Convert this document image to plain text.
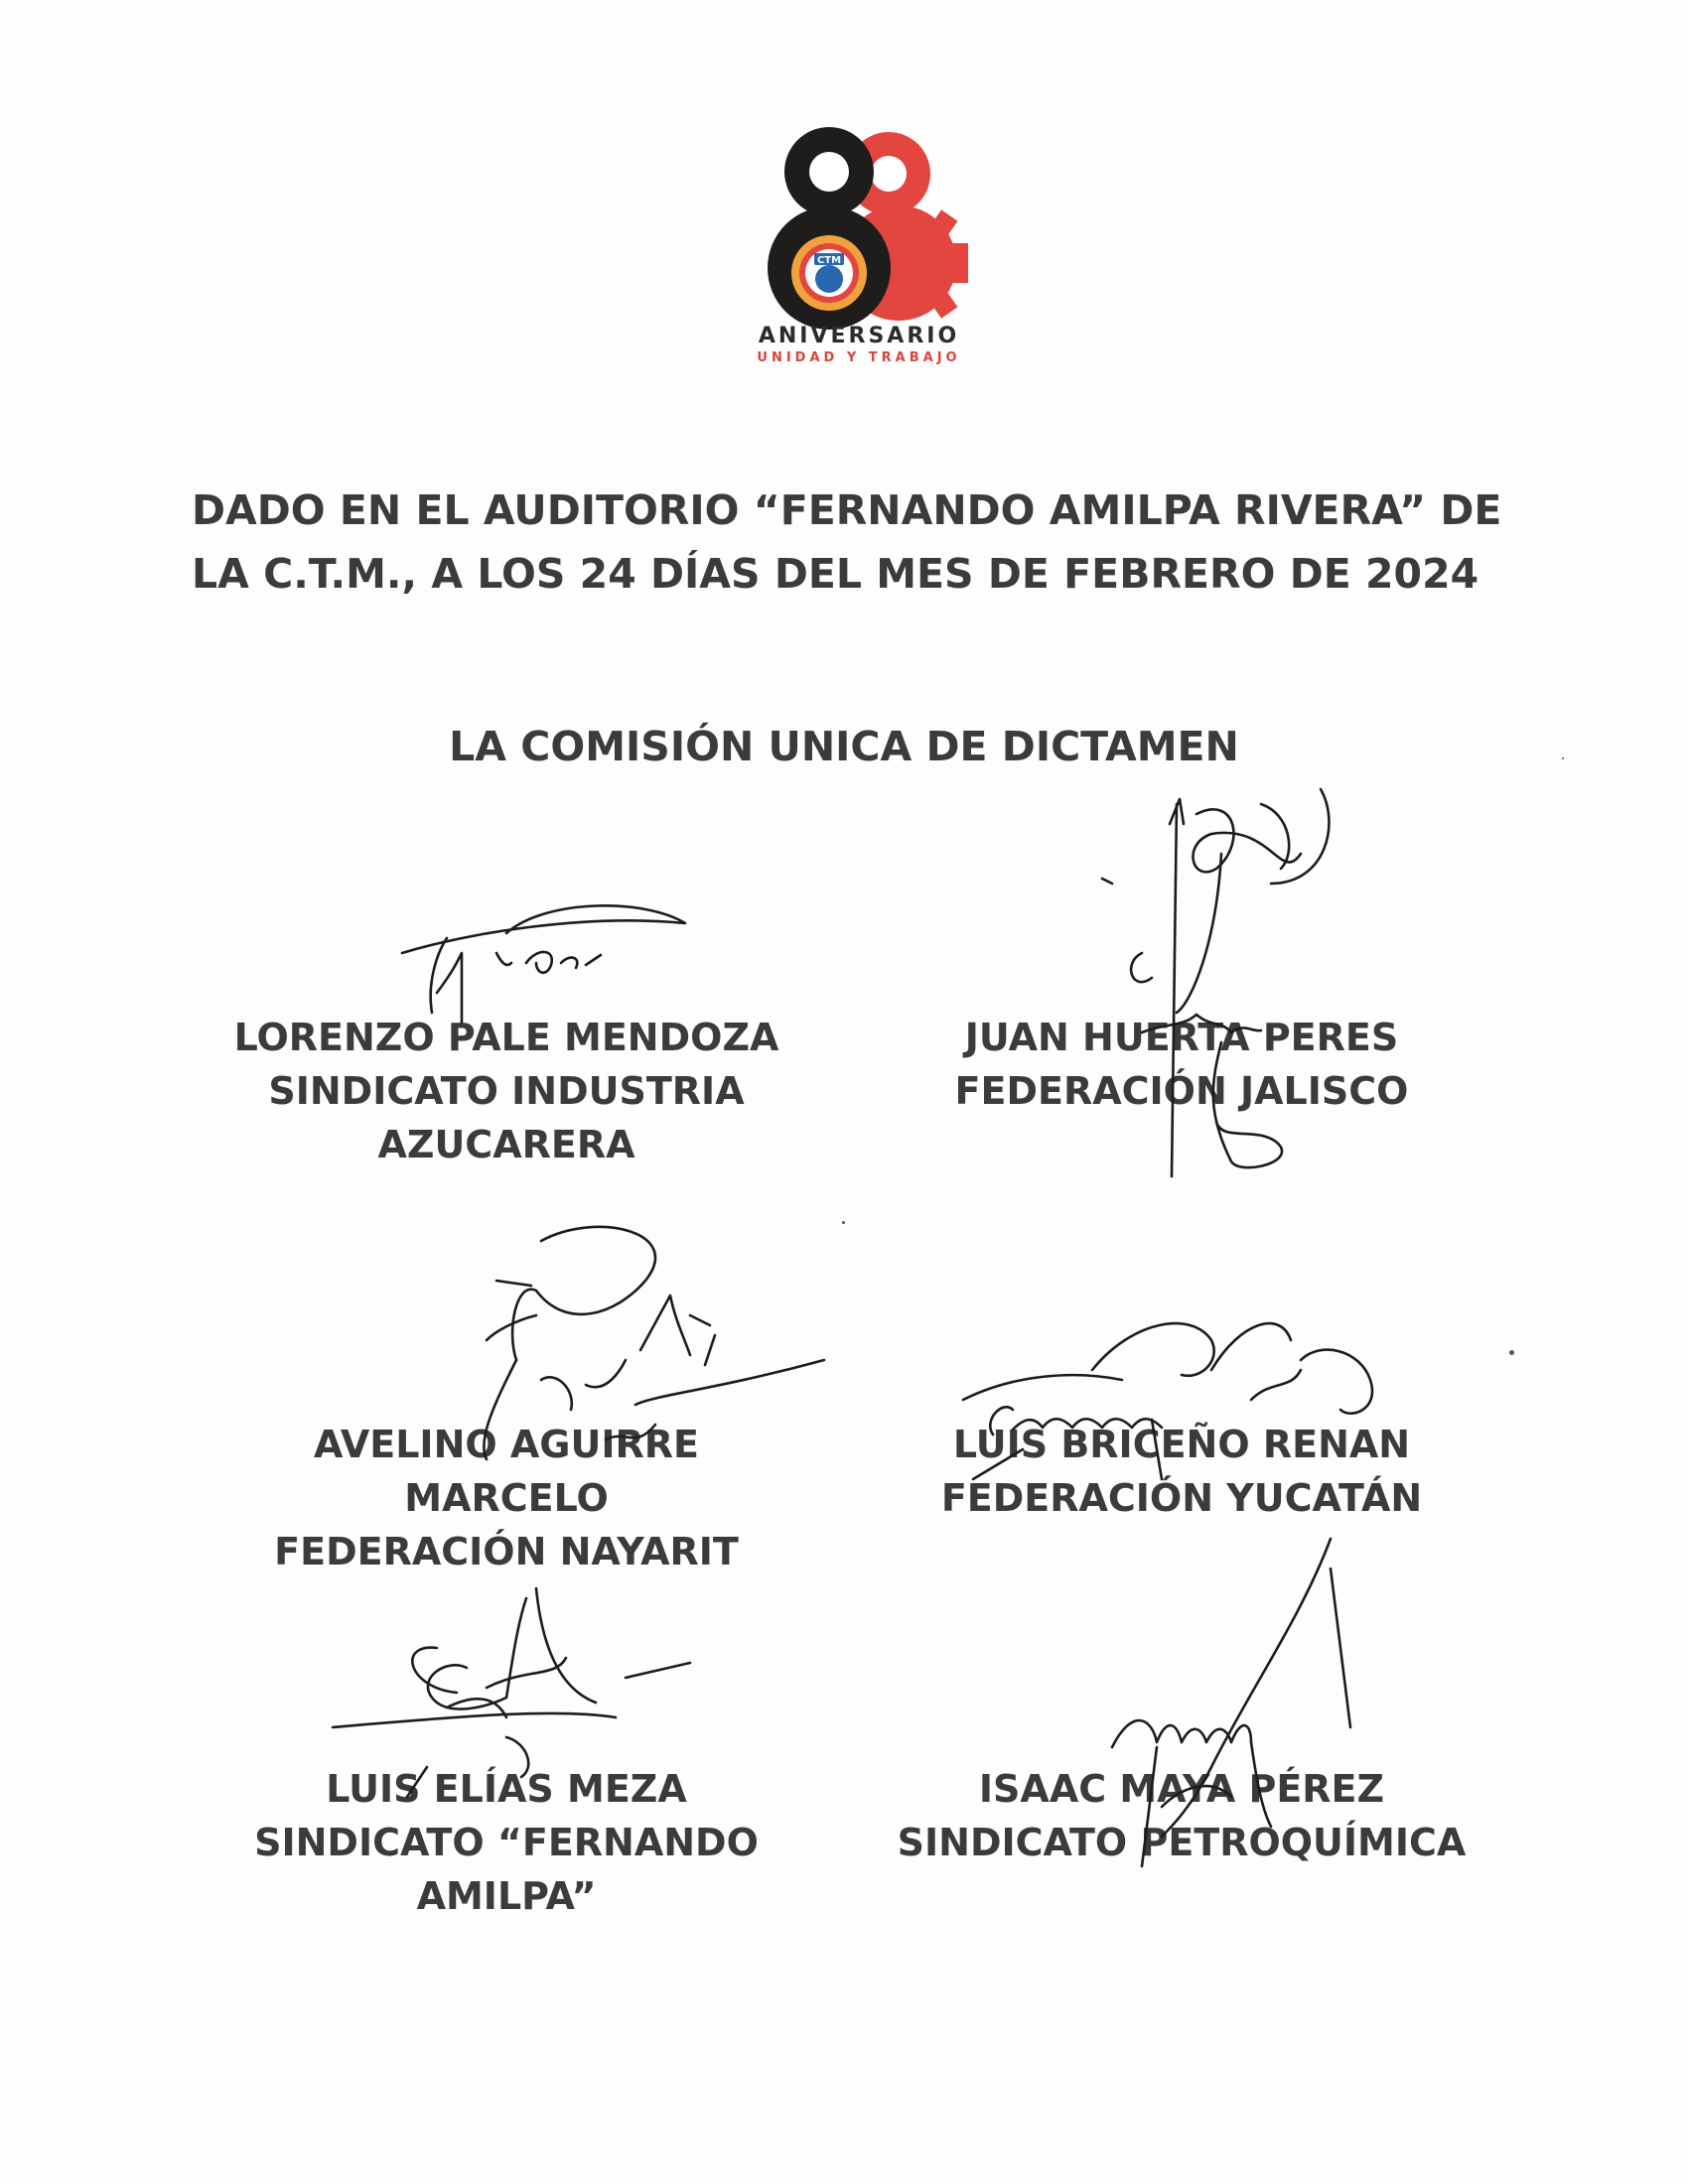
CTM
ANIVERSARIO
UNIDAD Y TRABAJO
DADO EN EL AUDITORIO “FERNANDO AMILPA RIVERA” DE
LA C.T.M., A LOS 24 DÍAS DEL MES DE FEBRERO DE 2024
LA COMISIÓN UNICA DE DICTAMEN
LORENZO PALE MENDOZA
SINDICATO INDUSTRIA
AZUCARERA
JUAN HUERTA PERES
FEDERACIÓN JALISCO
AVELINO AGUIRRE
MARCELO
FEDERACIÓN NAYARIT
LUIS BRICEÑO RENAN
FEDERACIÓN YUCATÁN
LUIS ELÍAS MEZA
SINDICATO “FERNANDO
AMILPA”
ISAAC MAYA PÉREZ
SINDICATO PETROQUÍMICA
